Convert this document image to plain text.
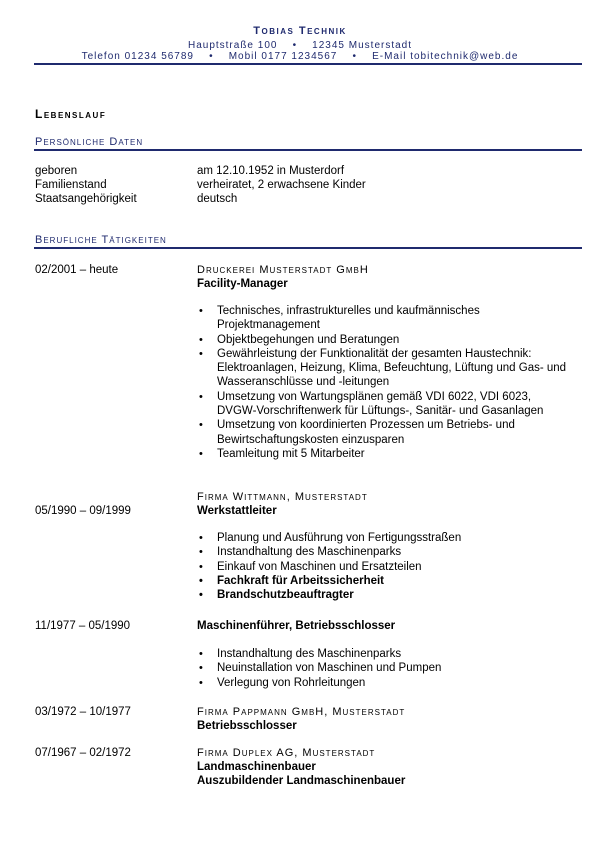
Tobias Technik
Hauptstraße 100    •    12345 Musterstadt
Telefon 01234 56789    •    Mobil 0177 1234567    •    E-Mail tobitechnik@web.de
Lebenslauf
Persönliche Daten
geboren	am 12.10.1952 in Musterdorf
Familienstand	verheiratet, 2 erwachsene Kinder
Staatsangehörigkeit	deutsch
Berufliche Tätigkeiten
02/2001 – heute	Druckerei Musterstadt GmbH
Facility-Manager
• Technisches, infrastrukturelles und kaufmännisches Projektmanagement
• Objektbegehungen und Beratungen
• Gewährleistung der Funktionalität der gesamten Haustechnik: Elektroanlagen, Heizung, Klima, Befeuchtung, Lüftung und Gas- und Wasseranschlüsse und -leitungen
• Umsetzung von Wartungsplänen gemäß VDI 6022, VDI 6023, DVGW-Vorschriftenwerk für Lüftungs-, Sanitär- und Gasanlagen
• Umsetzung von koordinierten Prozessen um Betriebs- und Bewirtschaftungskosten einzusparen
• Teamleitung mit 5 Mitarbeiter
Firma Wittmann, Musterstadt
05/1990 – 09/1999	Werkstattleiter
• Planung und Ausführung von Fertigungsstraßen
• Instandhaltung des Maschinenparks
• Einkauf von Maschinen und Ersatzteilen
• Fachkraft für Arbeitssicherheit
• Brandschutzbeauftragter
11/1977 – 05/1990	Maschinenführer, Betriebsschlosser
• Instandhaltung des Maschinenparks
• Neuinstallation von Maschinen und Pumpen
• Verlegung von Rohrleitungen
03/1972 – 10/1977	Firma Pappmann GmbH, Musterstadt
Betriebsschlosser
07/1967 – 02/1972	Firma Duplex AG, Musterstadt
Landmaschinenbauer
Auszubildender Landmaschinenbauer
